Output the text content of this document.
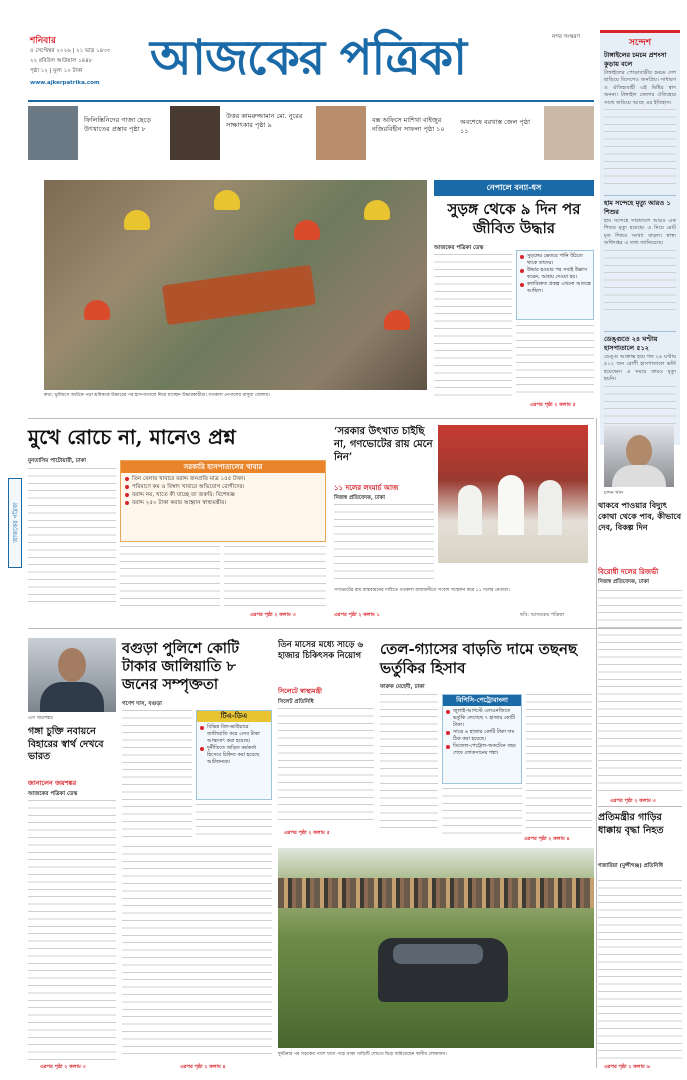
শনিবার
৫ সেপ্টেম্বর ২০২৬ | ২১ ভাদ্র ১৪৩৩
২২ রবিউল আউয়াল ১৪৪৮
পৃষ্ঠা ১২ | মূল্য ১০ টাকা
www.ajkerpatrika.com আজকের পত্রিকা	নগর সংস্করণ
ফিলিস্তিনিদের গাজা ছেড়ে উৎখাতের প্রস্তাব পৃষ্ঠা ৮
উত্তর কামরুজ্জামান মো. নুরের সাক্ষাৎকার পৃষ্ঠা ৯
বক্স অফিসে মাশিথা বাইজুর নজিরবিহীন সাফল্য পৃষ্ঠা ১০
অবশেষে বরখাস্ত জেল পৃষ্ঠা ১১
সন্দেশ
টাঙ্গাইলের চমচম প্রশংসা কুড়ায় বলে
টাঙ্গাইলের পোড়াবাড়ীর চমচম দেশ ছাড়িয়ে বিদেশেও জনপ্রিয়। সাধারণ ও ঐতিহ্যবাহী এই মিষ্টির স্বাদ অনন্য। টাঙ্গাইল জেলার ঐতিহ্যের সাথে জড়িয়ে আছে এর ইতিহাস।
হাম সন্দেহে মৃত্যু আরও ১ শিশুর
হাম সন্দেহে সারাদেশে আরও এক শিশুর মৃত্যু হয়েছে। এ নিয়ে মোট মৃত শিশুর সংখ্যা বাড়ল। স্বাস্থ্য অধিদপ্তর এ তথ্য জানিয়েছে।
ডেঙ্গুতে ২৪ ঘণ্টায় হাসপাতালে ৫১২
ডেঙ্গু আক্রান্ত হয়ে গত ২৪ ঘণ্টায় ৫১২ জন রোগী হাসপাতালে ভর্তি হয়েছেন। এ সময়ে কারও মৃত্যু হয়নি।
কথ্য: ভূমিধসে আটকে পড়া শ্রমিককে উদ্ধারের পর হাসপাতালে নিয়ে যাচ্ছেন উদ্ধারকারীরা। গতকাল নেপালের রাসুয়া জেলায়।
নেপালে বন্যা-ধস
সুড়ঙ্গ থেকে ৯ দিন পর জীবিত উদ্ধার
আজকের পত্রিকা ডেস্ক
সুড়ঙ্গের ভেতরে পানি উঠতে থাকে তাদের।
উদ্ধার হওয়ার পর সবাই উল্লাস করেন, আশ্রয় দেওয়া হয়।
কলবিশ্রুত প্রকল্প এখনো আতঙ্কে আছিল।
এরপর পৃষ্ঠা ২ কলাম ৫
মুখে রোচে না, মানেও প্রশ্ন
মুনতাসিম পাটোয়ারী, ঢাকা
সরকারি হাসপাতালের খাবার
তিন বেলার খাবারে বরাদ্দ জনপ্রতি মাত্র ১৫৫ টাকা।
পরিমাণে কম ও বিস্বাদ খাবারে অভিযোগ রোগীদের।
বরাদ্দ নয়, খাতে কী যাচ্ছে তা জরুরি: বিশেষজ্ঞ
বরাদ্দ ২৫০ টাকা করার আহ্বান স্বাস্থ্যমন্ত্রীর।
এরপর পৃষ্ঠা ২ কলাম ৩
‘সরকার উৎখাত চাইছি না, গণভোটের রায় মেনে নিন’
১১ দলের লংমার্চ আজ
নিজস্ব প্রতিবেদক, ঢাকা
গণভোটের রায় বাস্তবায়নের দাবিতে গতকাল রাজধানীতে সংবাদ সম্মেলন করে ১১ দলের নেতারা।
এরপর পৃষ্ঠা ২ কলাম ১	ছবি: আজকের পত্রিকা
চন্দন খান
থাকবে পাওয়ার বিদ্যুৎ কোথা থেকে পাব, কীভাবে দেব, বিকল্প দিন
বিরোধী দলের রিজভী
নিজস্ব প্রতিবেদক, ঢাকা
এরপর পৃষ্ঠা ২ কলাম ৩
আজকের পত্রিকা
এস জয়শঙ্কর
গঙ্গা চুক্তি নবায়নে বিহারের স্বার্থ দেখবে ভারত
জানালেন জয়শঙ্কর
আজকের পত্রিকা ডেস্ক
এরপর পৃষ্ঠা ২ কলাম ৩
বগুড়া পুলিশে কোটি টাকার জালিয়াতি ৮ জনের সম্পৃক্ততা
গণেশ দাস, বগুড়া
টিএ-ডিএ
বিভিন্ন বিল-ভাউচারে জালিয়াতি করে এসব টাকা আত্মসাৎ করা হয়েছে।
দুর্নীতিতে জড়িত কর্মকর্তা হিসেবে চিহ্নিত করা হয়েছে আটজনকে।
তিন মাসের মধ্যে সাড়ে ৬ হাজার চিকিৎসক নিয়োগ
সিলেটে স্বাস্থ্যমন্ত্রী
সিলেট প্রতিনিধি
এরপর পৃষ্ঠা ২ কলাম ৫
তেল-গ্যাসের বাড়তি দামে তছনছ ভর্তুকির হিসাব
ফারুক মেহেদী, ঢাকা
বিপিসি-পেট্রোবাংলা
জুলাই-আগস্টে এলএনজিতে ভর্তুকি লেগেছে ৭ হাজার কোটি টাকা।
সাড়ে ৬ হাজার কোটি টাকা দাম ঠিক করা হয়েছে।
ডিজেল-পেট্রোল-অকটেনে বছর শেষে লোকসানের শঙ্কা।
এরপর পৃষ্ঠা ২ কলাম ৪
দুর্ঘটনার পর সড়কের পাশে খাদে পড়ে থাকা গাড়িটি দেখতে ভিড় জমিয়েছেন স্থানীয় লোকজন।
এরপর পৃষ্ঠা ২ কলাম ৪
প্রতিমন্ত্রীর গাড়ির ধাক্কায় বৃদ্ধা নিহত
গজারিয়া (মুন্সীগঞ্জ) প্রতিনিধি
এরপর পৃষ্ঠা ২ কলাম ৬
